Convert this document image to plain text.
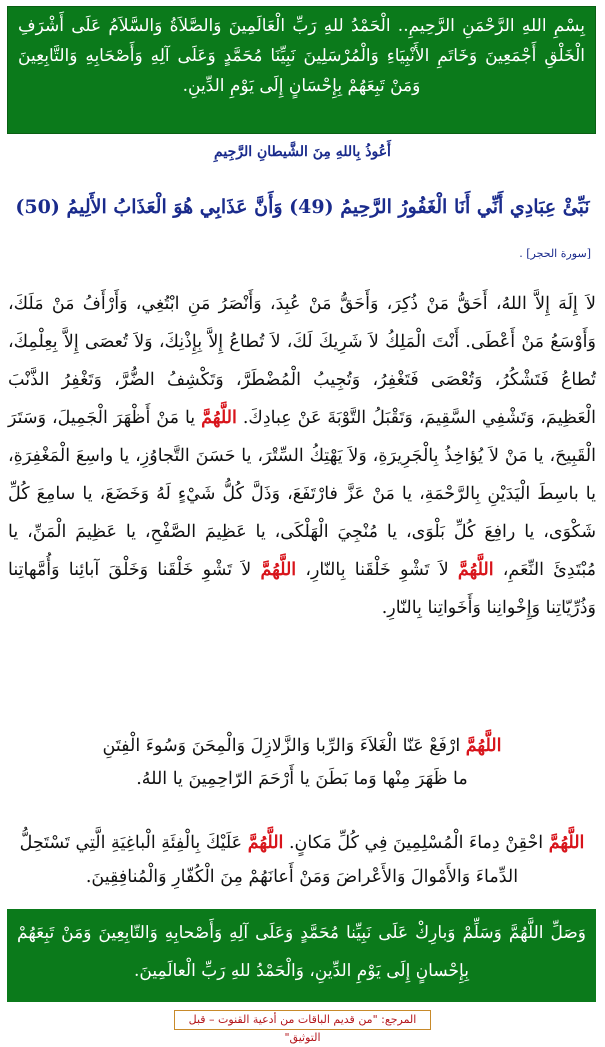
بِسْمِ اللهِ الرَّحْمَنِ الرَّحِيمِ.. الْحَمْدُ للهِ رَبِّ الْعَالَمِينَ وَالصَّلاَةُ وَالسَّلاَمُ عَلَى أَشْرَفِ الْخَلْقِ أَجْمَعِينَ وَخَاتَمِ الأَنْبِيَاءِ وَالْمُرْسَلِينَ نَبِيِّنَا مُحَمَّدٍ وَعَلَى آلِهِ وَأَصْحَابِهِ وَالتَّابِعِينَ وَمَنْ تَبِعَهُمْ بِإِحْسَانٍ إِلَى يَوْمِ الدِّينِ.
أَعُوذُ بِاللهِ مِنَ الشَّيطانِ الرَّجِيمِ
نَبِّئْ عِبَادِي أَنِّي أَنَا الْغَفُورُ الرَّحِيمُ (49) وَأَنَّ عَذَابِي هُوَ الْعَذَابُ الأَلِيمُ (50)
[سورة الحجر] .
لاَ إِلَهَ إِلاَّ اللهُ، أَحَقُّ مَنْ ذُكِرَ، وَأَحَقُّ مَنْ عُبِدَ، وَأَنْصَرُ مَنِ ابْتُغِي، وَأَرْأَفُ مَنْ مَلَكَ، وَأَوْسَعُ مَنْ أَعْطَى. أَنْتَ الْمَلِكُ لاَ شَرِيكَ لَكَ، لاَ تُطاعُ إِلاَّ بِإِذْنِكَ، وَلاَ تُعصَى إِلاَّ بِعِلْمِكَ، تُطاعُ فَتَشْكُرُ، وَتُعْصَى فَتَغْفِرُ، وَتُجِيبُ الْمُضْطَرَّ، وَتَكْشِفُ الضُّرَّ، وَتَغْفِرُ الذَّنْبَ الْعَظِيمَ، وَتَشْفِي السَّقِيمَ، وَتَقْبَلُ التَّوْبَةَ عَنْ عِبادِكَ. اللَّهُمَّ يا مَنْ أَظْهَرَ الْجَمِيلَ، وَسَتَرَ الْقَبِيحَ، يا مَنْ لاَ يُؤاخِذُ بِالْجَرِيرَةِ، وَلاَ يَهْتِكُ السِّتْرَ، يا حَسَنَ التَّجاوُزِ، يا واسِعَ الْمَغْفِرَةِ، يا باسِطَ الْيَدَيْنِ بِالرَّحْمَةِ، يا مَنْ عَزَّ فارْتَفَعَ، وَذَلَّ كُلُّ شَيْءٍ لَهُ وَخَضَعَ، يا سامِعَ كُلِّ شَكْوَى، يا رافِعَ كُلِّ بَلْوَى، يا مُنْجِيَ الْهَلْكَى، يا عَظِيمَ الصَّفْحِ، يا عَظِيمَ الْمَنِّ، يا مُبْتَدِئَ النِّعَمِ، اللَّهُمَّ لاَ تَشْوِ خَلْقَنا بِالنّارِ، اللَّهُمَّ لاَ تَشْوِ خَلْقَنا وَخَلْقَ آبائِنا وَأُمَّهاتِنا وَذُرِّيّاتِنا وَإِخْوانِنا وَأَخَواتِنا بِالنّارِ.
اللَّهُمَّ ارْفَعْ عَنّا الْغَلاَءَ وَالرِّبا وَالزَّلازِلَ وَالْمِحَنَ وَسُوءَ الْفِتَنِ
ما ظَهَرَ مِنْها وَما بَطَنَ يا أَرْحَمَ الرّاحِمِينَ يا اللهُ.
اللَّهُمَّ احْقِنْ دِماءَ الْمُسْلِمِينَ فِي كُلِّ مَكانٍ. اللَّهُمَّ عَلَيْكَ بِالْفِئَةِ الْباغِيَةِ الَّتِي تَسْتَحِلُّ الدِّماءَ وَالأَمْوالَ وَالأَعْراضَ وَمَنْ أَعانَهُمْ مِنَ الْكُفّارِ وَالْمُنافِقِينَ.
وَصَلِّ اللَّهُمَّ وَسَلِّمْ وَبارِكْ عَلَى نَبِيِّنا مُحَمَّدٍ وَعَلَى آلِهِ وَأَصْحابِهِ وَالتّابِعِينَ وَمَنْ تَبِعَهُمْ بِإِحْسانٍ إِلَى يَوْمِ الدِّينِ، وَالْحَمْدُ للهِ رَبِّ الْعالَمِينَ.
المرجع: "من قديم الباقات من أدعية القنوت – قبل التوثيق"
